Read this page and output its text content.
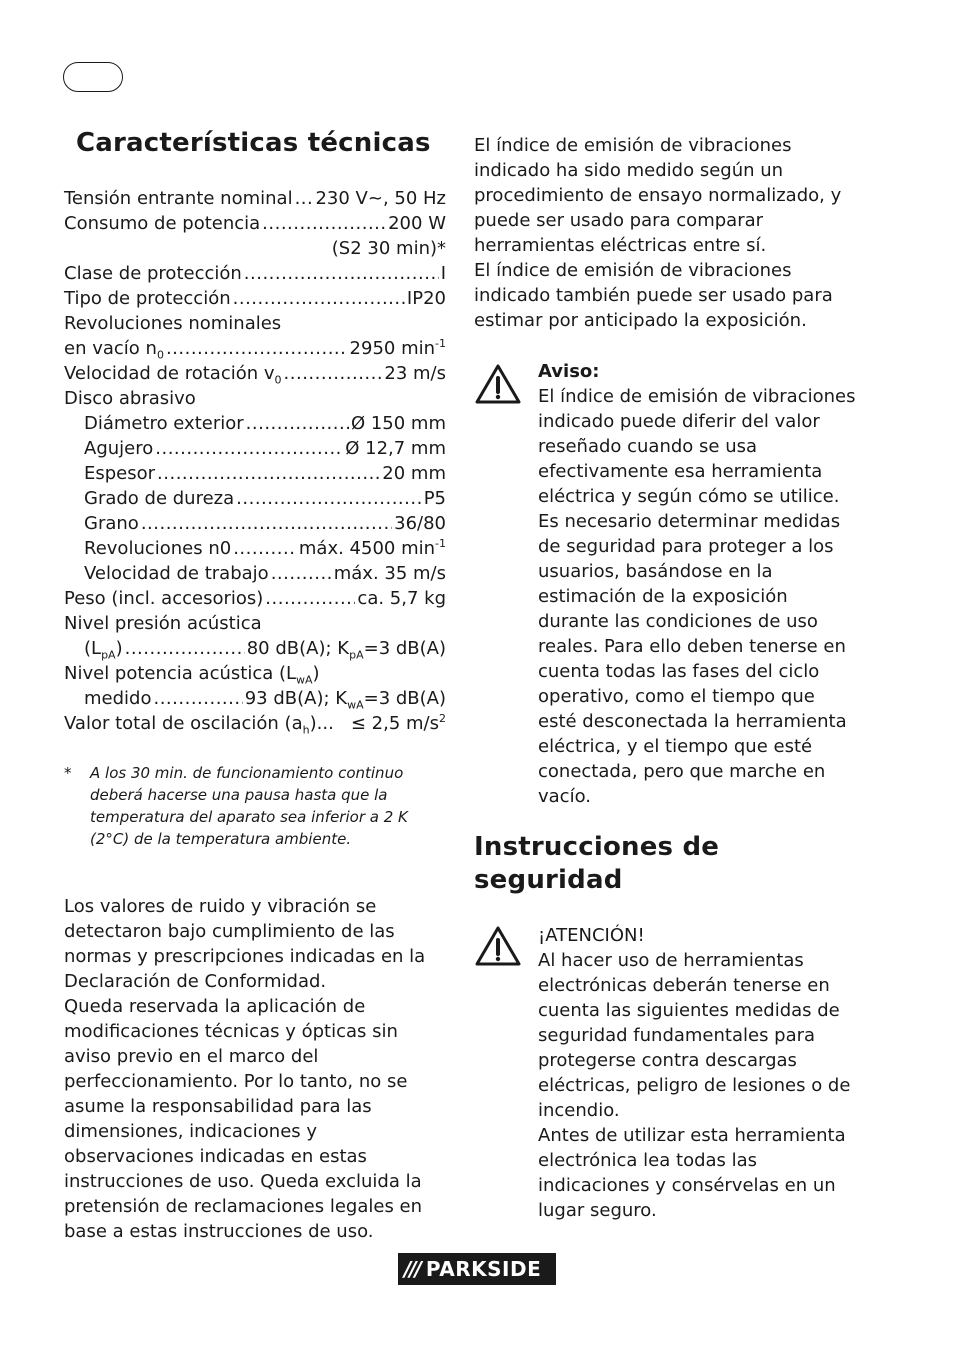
Características técnicas
Tensión entrante nominal ..... 230 V~, 50 Hz
Consumo de potencia .....	200 W
(S2 30 min)*
Clase de protección .....	I
Tipo de protección .....	IP20
Revoluciones nominales
en vacío $n_0$ .....	2950 $\min^{-1}$
Velocidad de rotación $v_0$ .....	23 m/s
Disco abrasivo
Diámetro exterior .....	Ø 150 mm
Agujero .....	Ø 12,7 mm
Espesor .....	20 mm
Grado de dureza .....	P5
Grano .....	36/80
Revoluciones n0 .....	máx. 4500 $\min^{-1}$
Velocidad de trabajo .....	máx. 35 m/s
Peso (incl. accesorios) .....	ca. 5,7 kg
Nivel presión acústica
$(L_{pA})$ .....	80 dB(A); $K_{pA}=3$ dB(A)
Nivel potencia acústica $(L_{wA})$
medido .....	93 dB(A); $K_{wA}=3$ dB(A)
Valor total de oscilación $(a_h)$... ≤ 2,5 $m/s^2$
*	A los 30 min. de funcionamiento continuo deberá hacerse una pausa hasta que la temperatura del aparato sea inferior a 2 K (2°C) de la temperatura ambiente.

Los valores de ruido y vibración se detectaron bajo cumplimiento de las normas y prescripciones indicadas en la Declaración de Conformidad.

Queda reservada la aplicación de modificaciones técnicas y ópticas sin aviso previo en el marco del perfeccionamiento. Por lo tanto, no se asume la responsabilidad para las dimensiones, indicaciones y observaciones indicadas en estas instrucciones de uso. Queda excluida la pretensión de reclamaciones legales en base a estas instrucciones de uso.

El índice de emisión de vibraciones indicado ha sido medido según un procedimiento de ensayo normalizado, y puede ser usado para comparar herramientas eléctricas entre sí.

El índice de emisión de vibraciones indicado también puede ser usado para estimar por anticipado la exposición.

Aviso:

El índice de emisión de vibraciones indicado puede diferir del valor reseñado cuando se usa efectivamente esa herramienta eléctrica y según cómo se utilice.

Es necesario determinar medidas de seguridad para proteger a los usuarios, basándose en la estimación de la exposición durante las condiciones de uso reales. Para ello deben tenerse en cuenta todas las fases del ciclo operativo, como el tiempo que esté desconectada la herramienta eléctrica, y el tiempo que esté conectada, pero que marche en vacío.

Instrucciones de seguridad
¡ATENCIÓN!

Al hacer uso de herramientas electrónicas deberán tenerse en cuenta las siguientes medidas de seguridad fundamentales para protegerse contra descargas eléctricas, peligro de lesiones o de incendio.

Antes de utilizar esta herramienta electrónica lea todas las indicaciones y consérvelas en un lugar seguro.

/// PARKSIDE
